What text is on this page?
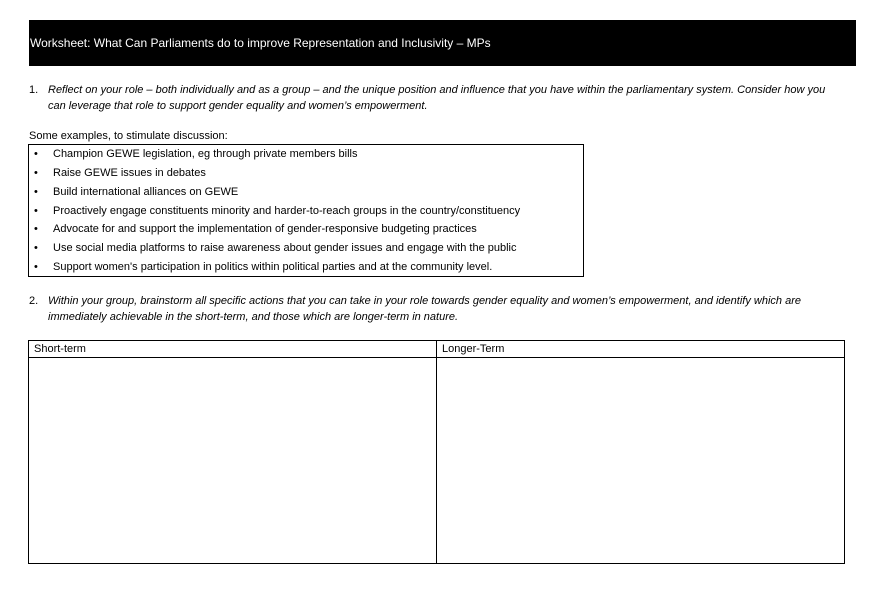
Worksheet: What Can Parliaments do to improve Representation and Inclusivity – MPs
1. Reflect on your role – both individually and as a group – and the unique position and influence that you have within the parliamentary system. Consider how you can leverage that role to support gender equality and women’s empowerment.
Some examples, to stimulate discussion:
• Champion GEWE legislation, eg through private members bills
• Raise GEWE issues in debates
• Build international alliances on GEWE
• Proactively engage constituents minority and harder-to-reach groups in the country/constituency
• Advocate for and support the implementation of gender-responsive budgeting practices
• Use social media platforms to raise awareness about gender issues and engage with the public
• Support women's participation in politics within political parties and at the community level.
2. Within your group, brainstorm all specific actions that you can take in your role towards gender equality and women’s empowerment, and identify which are immediately achievable in the short-term, and those which are longer-term in nature.
Short-term	Longer-Term
